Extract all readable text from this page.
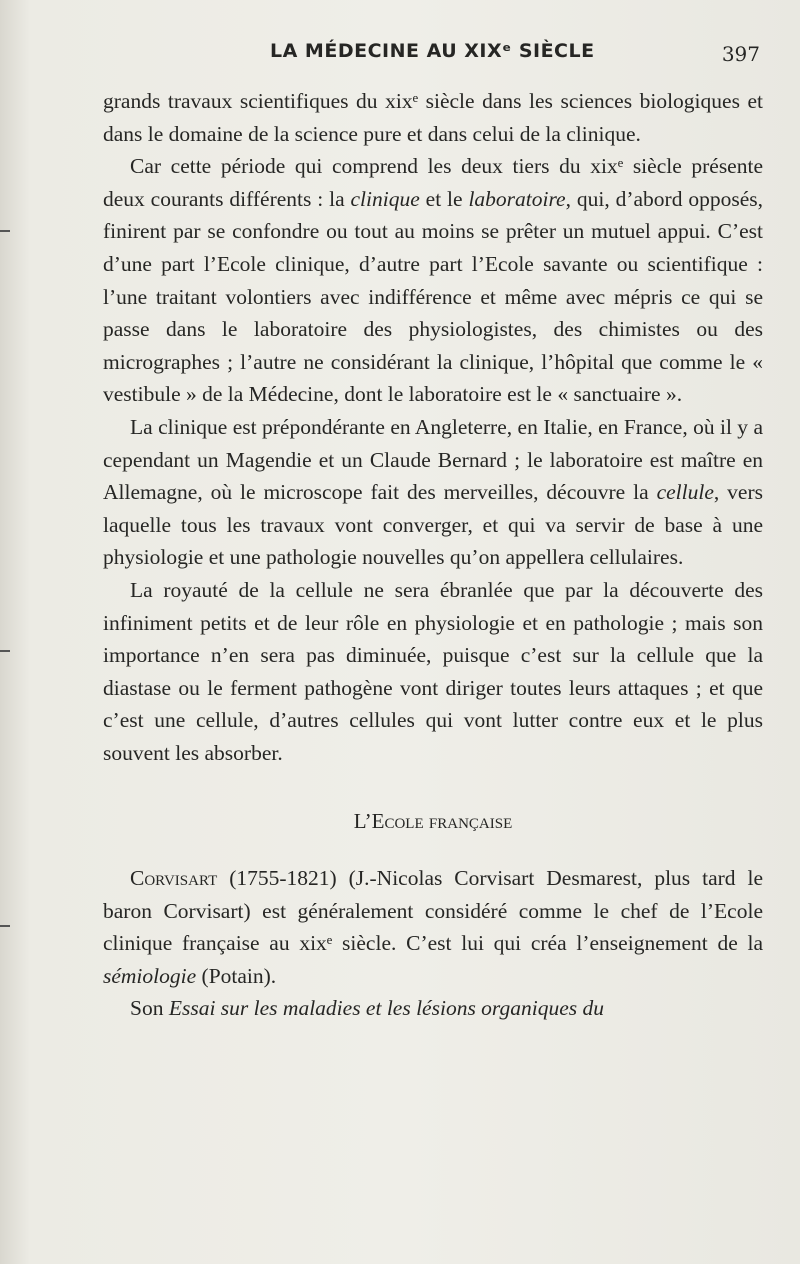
LA MÉDECINE AU XIXᵉ SIÈCLE	397

grands travaux scientifiques du xixᵉ siècle dans les sciences biologiques et dans le domaine de la science pure et dans celui de la clinique.

Car cette période qui comprend les deux tiers du xixᵉ siècle présente deux courants différents : la clinique et le laboratoire, qui, d’abord opposés, finirent par se confondre ou tout au moins se prêter un mutuel appui. C’est d’une part l’Ecole clinique, d’autre part l’Ecole savante ou scientifique : l’une traitant volontiers avec indifférence et même avec mépris ce qui se passe dans le laboratoire des physiologistes, des chimistes ou des micrographes ; l’autre ne considérant la clinique, l’hôpital que comme le « vestibule » de la Médecine, dont le laboratoire est le « sanctuaire ».

La clinique est prépondérante en Angleterre, en Italie, en France, où il y a cependant un Magendie et un Claude Bernard ; le laboratoire est maître en Allemagne, où le microscope fait des merveilles, découvre la cellule, vers laquelle tous les travaux vont converger, et qui va servir de base à une physiologie et une pathologie nouvelles qu’on appellera cellulaires.

La royauté de la cellule ne sera ébranlée que par la découverte des infiniment petits et de leur rôle en physiologie et en pathologie ; mais son importance n’en sera pas diminuée, puisque c’est sur la cellule que la diastase ou le ferment pathogène vont diriger toutes leurs attaques ; et que c’est une cellule, d’autres cellules qui vont lutter contre eux et le plus souvent les absorber.

L’Ecole française

Corvisart (1755-1821) (J.-Nicolas Corvisart Desmarest, plus tard le baron Corvisart) est généralement considéré comme le chef de l’Ecole clinique française au xixᵉ siècle. C’est lui qui créa l’enseignement de la sémiologie (Potain).

Son Essai sur les maladies et les lésions organiques du
